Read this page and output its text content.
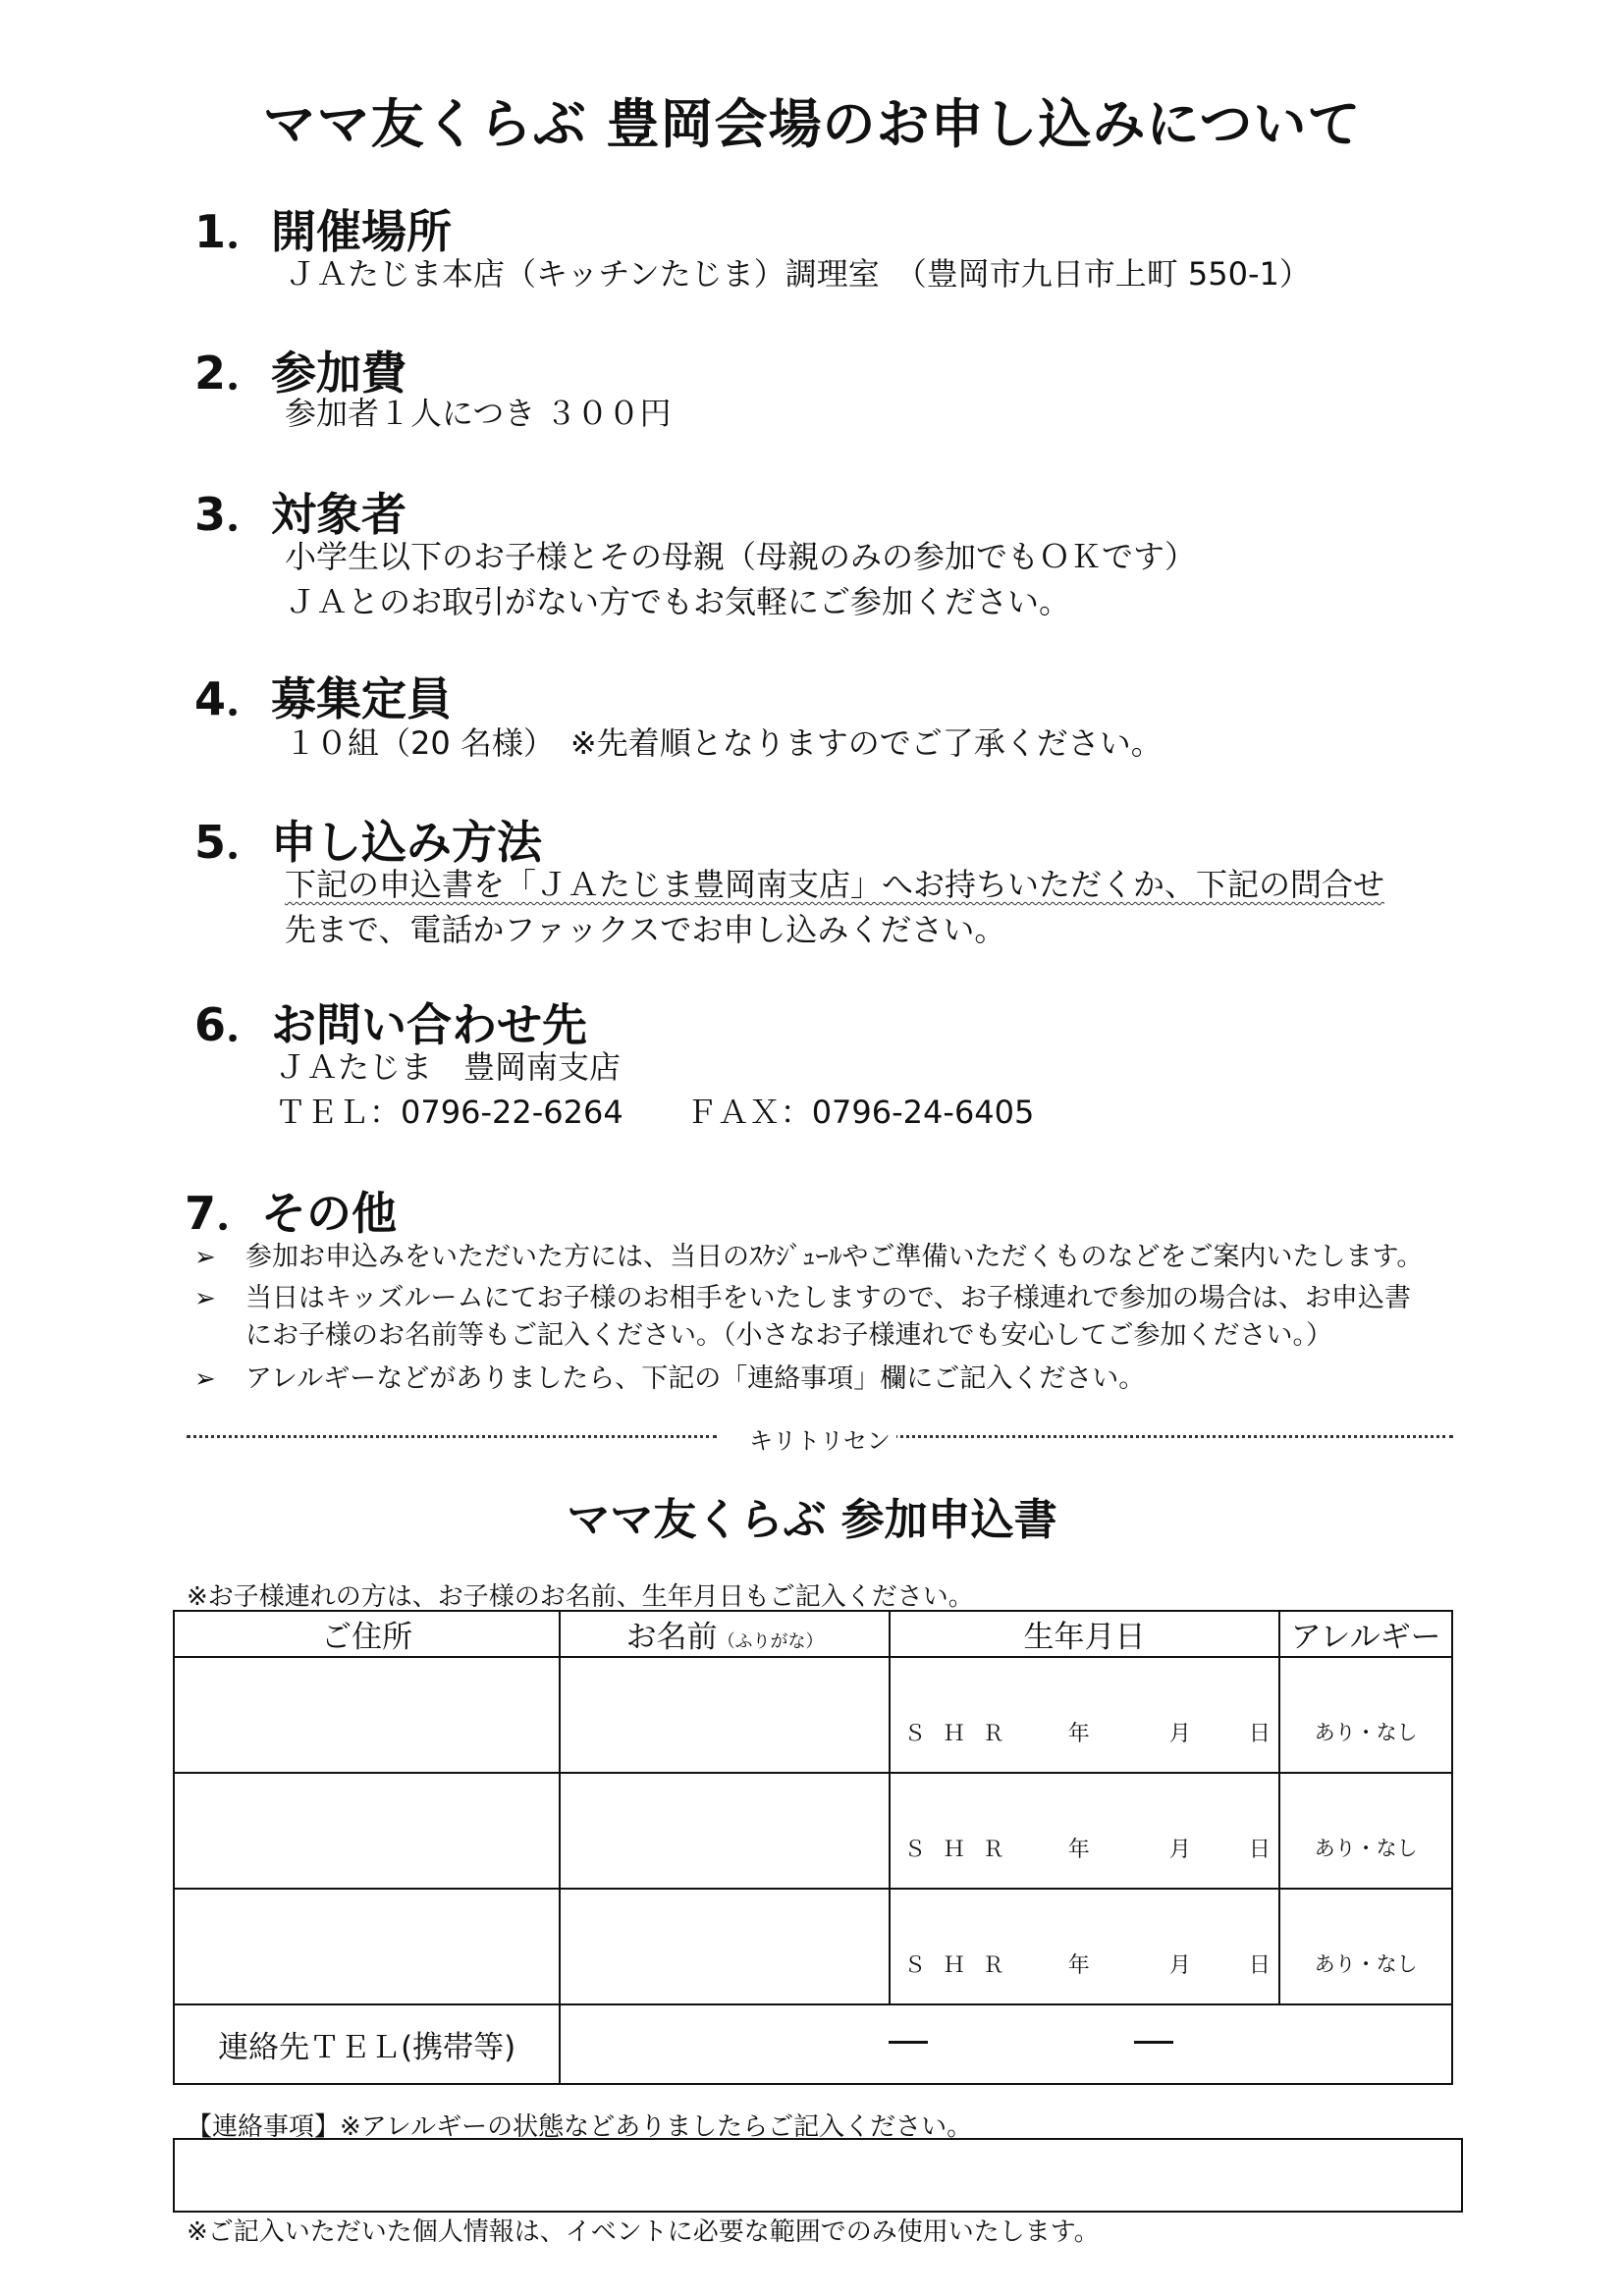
ママ友くらぶ 豊岡会場のお申し込みについて
1．開催場所
ＪＡたじま本店（キッチンたじま）調理室　（豊岡市九日市上町 550-1）
2．参加費
参加者１人につき ３００円
3．対象者
小学生以下のお子様とその母親（母親のみの参加でもＯＫです）
ＪＡとのお取引がない方でもお気軽にご参加ください。
4．募集定員
１０組（20 名様）　※先着順となりますのでご了承ください。
5．申し込み方法
下記の申込書を「ＪＡたじま豊岡南支店」へお持ちいただくか、下記の問合せ
先まで、電話かファックスでお申し込みください。
6．お問い合わせ先
ＪＡたじま　豊岡南支店
ＴＥＬ：0796-22-6264　　ＦＡＸ：0796-24-6405
7．その他
➢ 参加お申込みをいただいた方には、当日のｽｹｼﾞｭｰﾙやご準備いただくものなどをご案内いたします。
➢ 当日はキッズルームにてお子様のお相手をいたしますので、お子様連れで参加の場合は、お申込書
にお子様のお名前等もご記入ください。（小さなお子様連れでも安心してご参加ください。）
➢ アレルギーなどがありましたら、下記の「連絡事項」欄にご記入ください。
キリトリセン
ママ友くらぶ 参加申込書
※お子様連れの方は、お子様のお名前、生年月日もご記入ください。
ご住所	お名前（ふりがな）	生年月日	アレルギー
		ＳＨＲ 年 月 日	あり・なし
		ＳＨＲ 年 月 日	あり・なし
		ＳＨＲ 年 月 日	あり・なし
連絡先ＴＥＬ(携帯等)			
【連絡事項】※アレルギーの状態などありましたらご記入ください。
※ご記入いただいた個人情報は、イベントに必要な範囲でのみ使用いたします。
